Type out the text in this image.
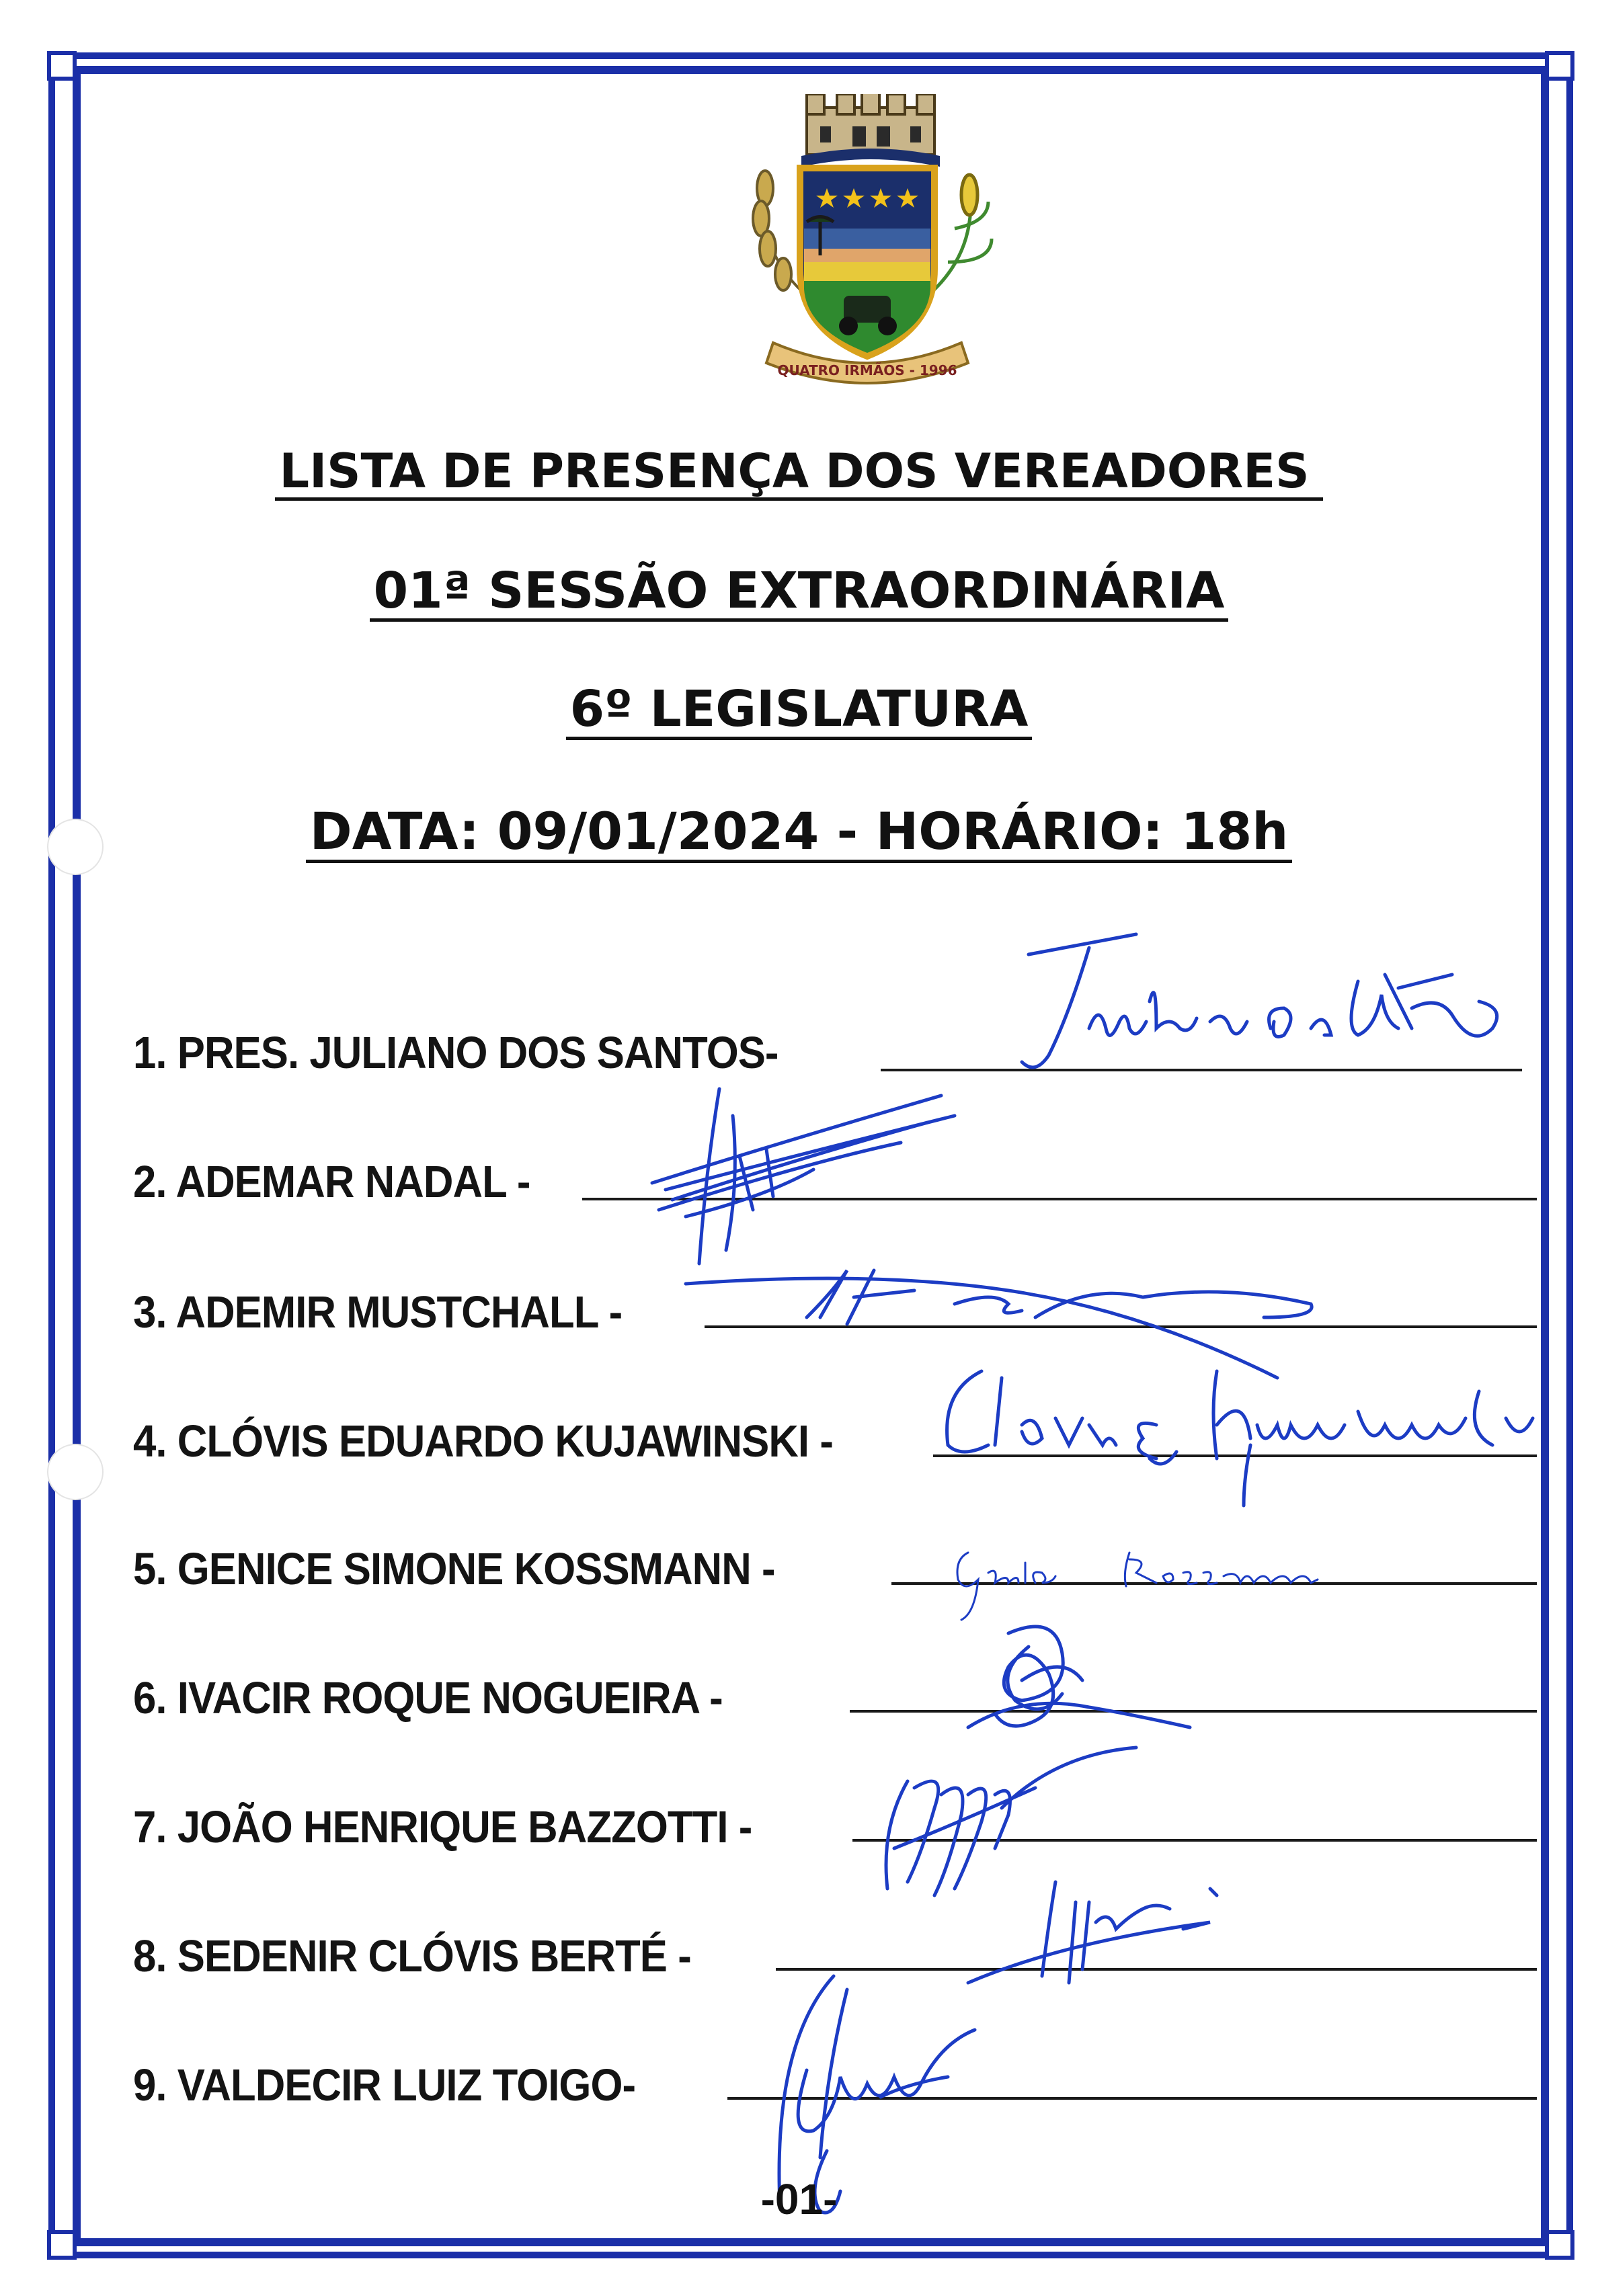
QUATRO IRMÃOS - 1996
LISTA DE PRESENÇA DOS VEREADORES
01ª SESSÃO EXTRAORDINÁRIA
6º LEGISLATURA
DATA: 09/01/2024 - HORÁRIO: 18h
1. PRES. JULIANO DOS SANTOS-
2. ADEMAR NADAL -
3. ADEMIR MUSTCHALL -
4. CLÓVIS EDUARDO KUJAWINSKI -
5. GENICE SIMONE KOSSMANN -
6. IVACIR ROQUE NOGUEIRA -
7. JOÃO HENRIQUE BAZZOTTI -
8. SEDENIR CLÓVIS BERTÉ -
9. VALDECIR LUIZ TOIGO-
-01-
